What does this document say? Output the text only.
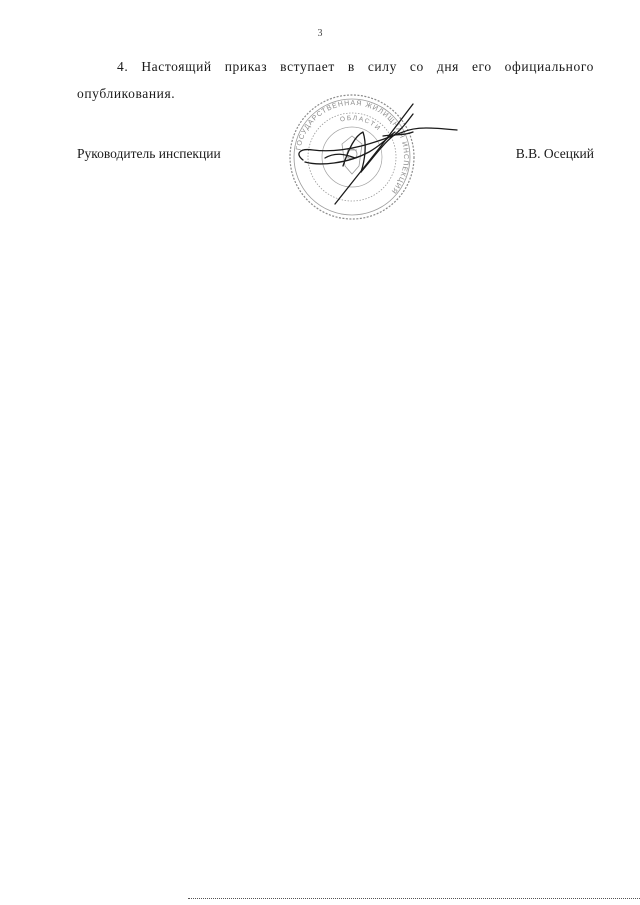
3

4. Настоящий приказ вступает в силу со дня его официального опубликования.

ГОСУДАРСТВЕННАЯ ЖИЛИЩНАЯ ИНСПЕКЦИЯ
ОБЛАСТИ
Руководитель инспекции	В.В. Осецкий
